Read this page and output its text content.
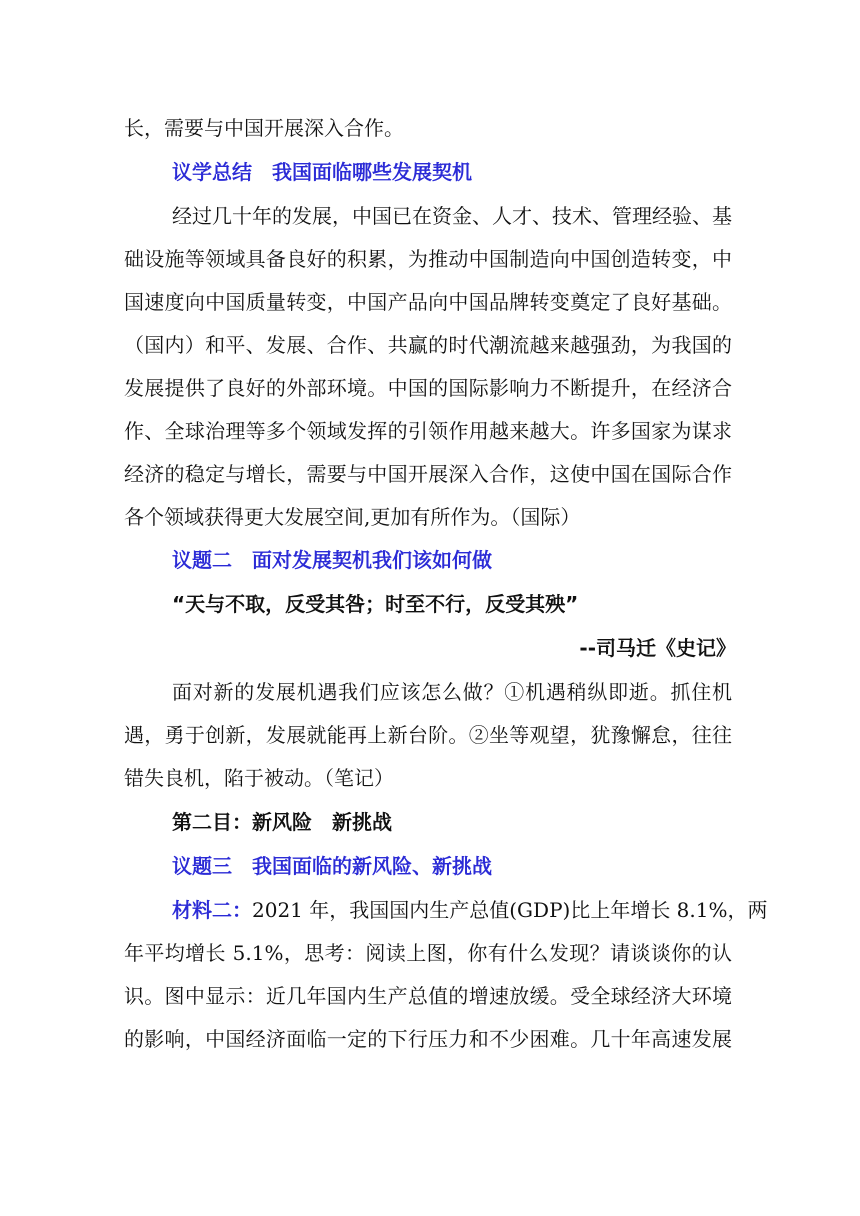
长，需要与中国开展深入合作。
议学总结 我国面临哪些发展契机
经过几十年的发展，中国已在资金、人才、技术、管理经验、基
础设施等领域具备良好的积累，为推动中国制造向中国创造转变，中
国速度向中国质量转变，中国产品向中国品牌转变奠定了良好基础。
（国内）和平、发展、合作、共赢的时代潮流越来越强劲，为我国的
发展提供了良好的外部环境。中国的国际影响力不断提升，在经济合
作、全球治理等多个领域发挥的引领作用越来越大。许多国家为谋求
经济的稳定与增长，需要与中国开展深入合作，这使中国在国际合作
各个领域获得更大发展空间,更加有所作为。（国际）
议题二 面对发展契机我们该如何做
“天与不取，反受其咎；时至不行，反受其殃”
--司马迁《史记》
面对新的发展机遇我们应该怎么做？①机遇稍纵即逝。抓住机
遇，勇于创新，发展就能再上新台阶。②坐等观望，犹豫懈怠，往往
错失良机，陷于被动。（笔记）
第二目：新风险 新挑战
议题三 我国面临的新风险、新挑战
材料二：2021 年，我国国内生产总值(GDP)比上年增长 8.1%，两
年平均增长 5.1%，思考：阅读上图，你有什么发现？请谈谈你的认
识。图中显示：近几年国内生产总值的增速放缓。受全球经济大环境
的影响，中国经济面临一定的下行压力和不少困难。几十年高速发展
